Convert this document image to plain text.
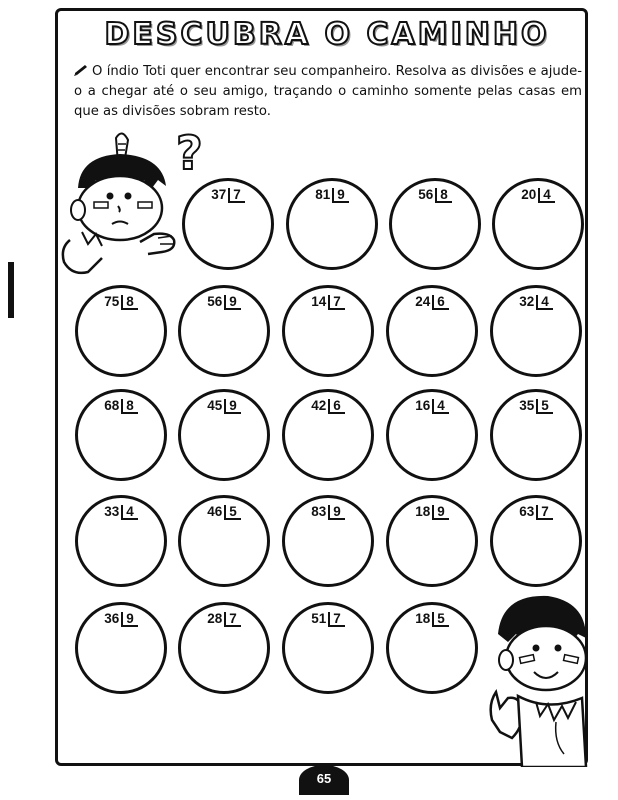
DESCUBRA O CAMINHO
O índio Toti quer encontrar seu companheiro. Resolva as divisões e ajude-o a chegar até o seu amigo, traçando o caminho somente pelas casas em que as divisões sobram resto.
?
37 7	81 9	56 8	20 4
75 8	56 9	14 7	24 6	32 4
68 8	45 9	42 6	16 4	35 5
33 4	46 5	83 9	18 9	63 7
36 9	28 7	51 7	18 5
65
